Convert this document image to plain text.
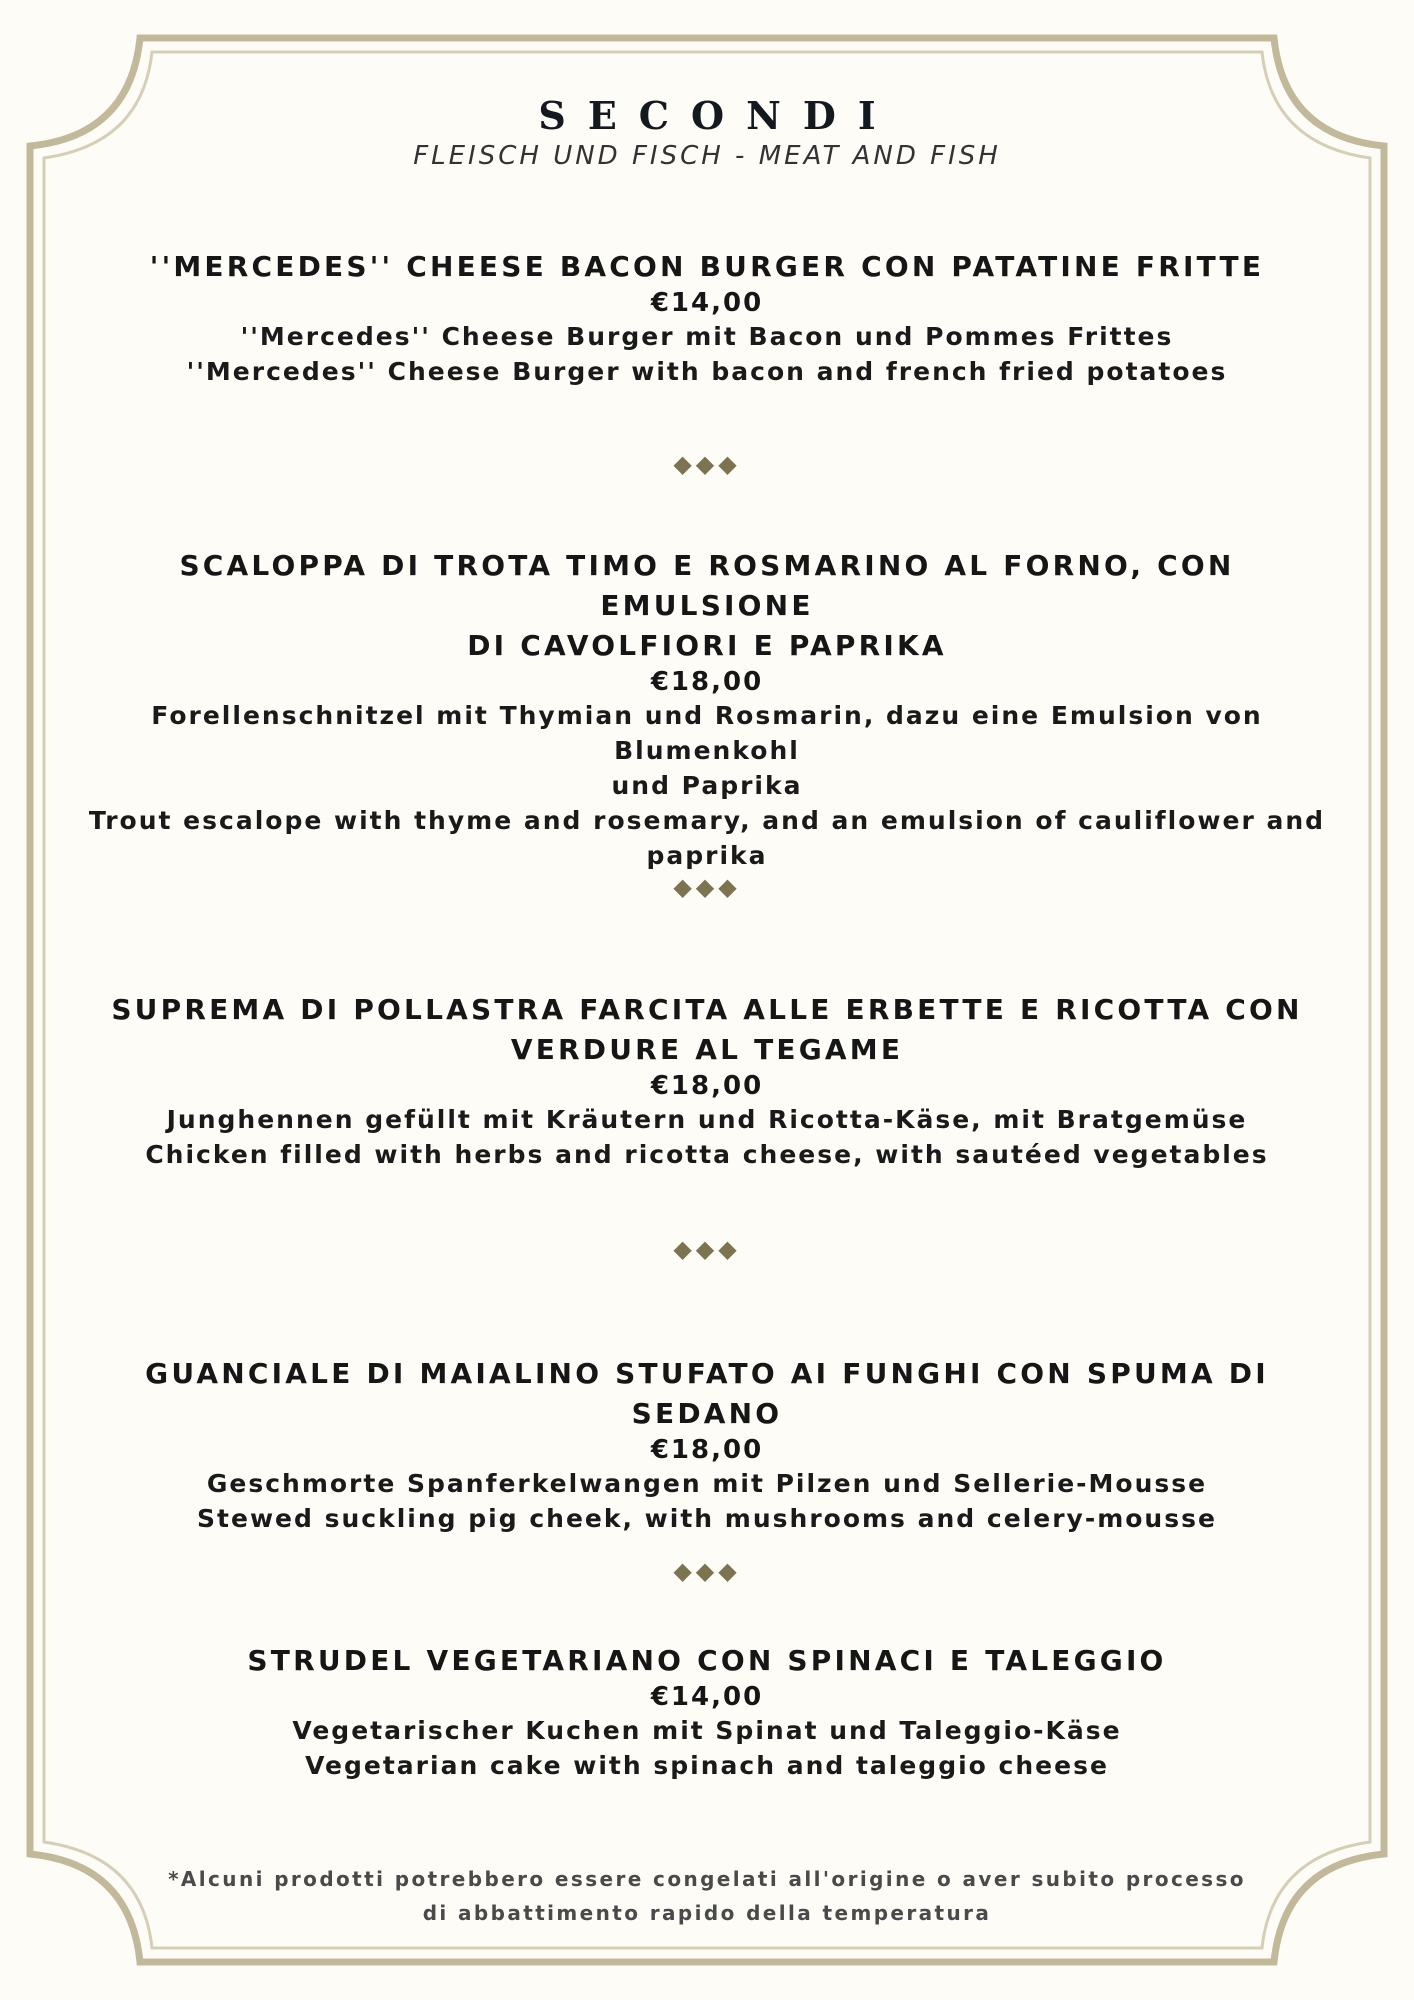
SECONDI
FLEISCH UND FISCH - MEAT AND FISH
''MERCEDES'' CHEESE BACON BURGER CON PATATINE FRITTE
€14,00
''Mercedes'' Cheese Burger mit Bacon und Pommes Frittes
''Mercedes'' Cheese Burger with bacon and french fried potatoes
◆◆◆
SCALOPPA DI TROTA TIMO E ROSMARINO AL FORNO, CON EMULSIONE
DI CAVOLFIORI E PAPRIKA
€18,00
Forellenschnitzel mit Thymian und Rosmarin, dazu eine Emulsion von Blumenkohl
und Paprika
Trout escalope with thyme and rosemary, and an emulsion of cauliflower and
paprika
◆◆◆
SUPREMA DI POLLASTRA FARCITA ALLE ERBETTE E RICOTTA CON
VERDURE AL TEGAME
€18,00
Junghennen gefüllt mit Kräutern und Ricotta-Käse, mit Bratgemüse
Chicken filled with herbs and ricotta cheese, with sautéed vegetables
◆◆◆
GUANCIALE DI MAIALINO STUFATO AI FUNGHI CON SPUMA DI SEDANO
€18,00
Geschmorte Spanferkelwangen mit Pilzen und Sellerie-Mousse
Stewed suckling pig cheek, with mushrooms and celery-mousse
◆◆◆
STRUDEL VEGETARIANO CON SPINACI E TALEGGIO
€14,00
Vegetarischer Kuchen mit Spinat und Taleggio-Käse
Vegetarian cake with spinach and taleggio cheese
*Alcuni prodotti potrebbero essere congelati all'origine o aver subito processo
di abbattimento rapido della temperatura
